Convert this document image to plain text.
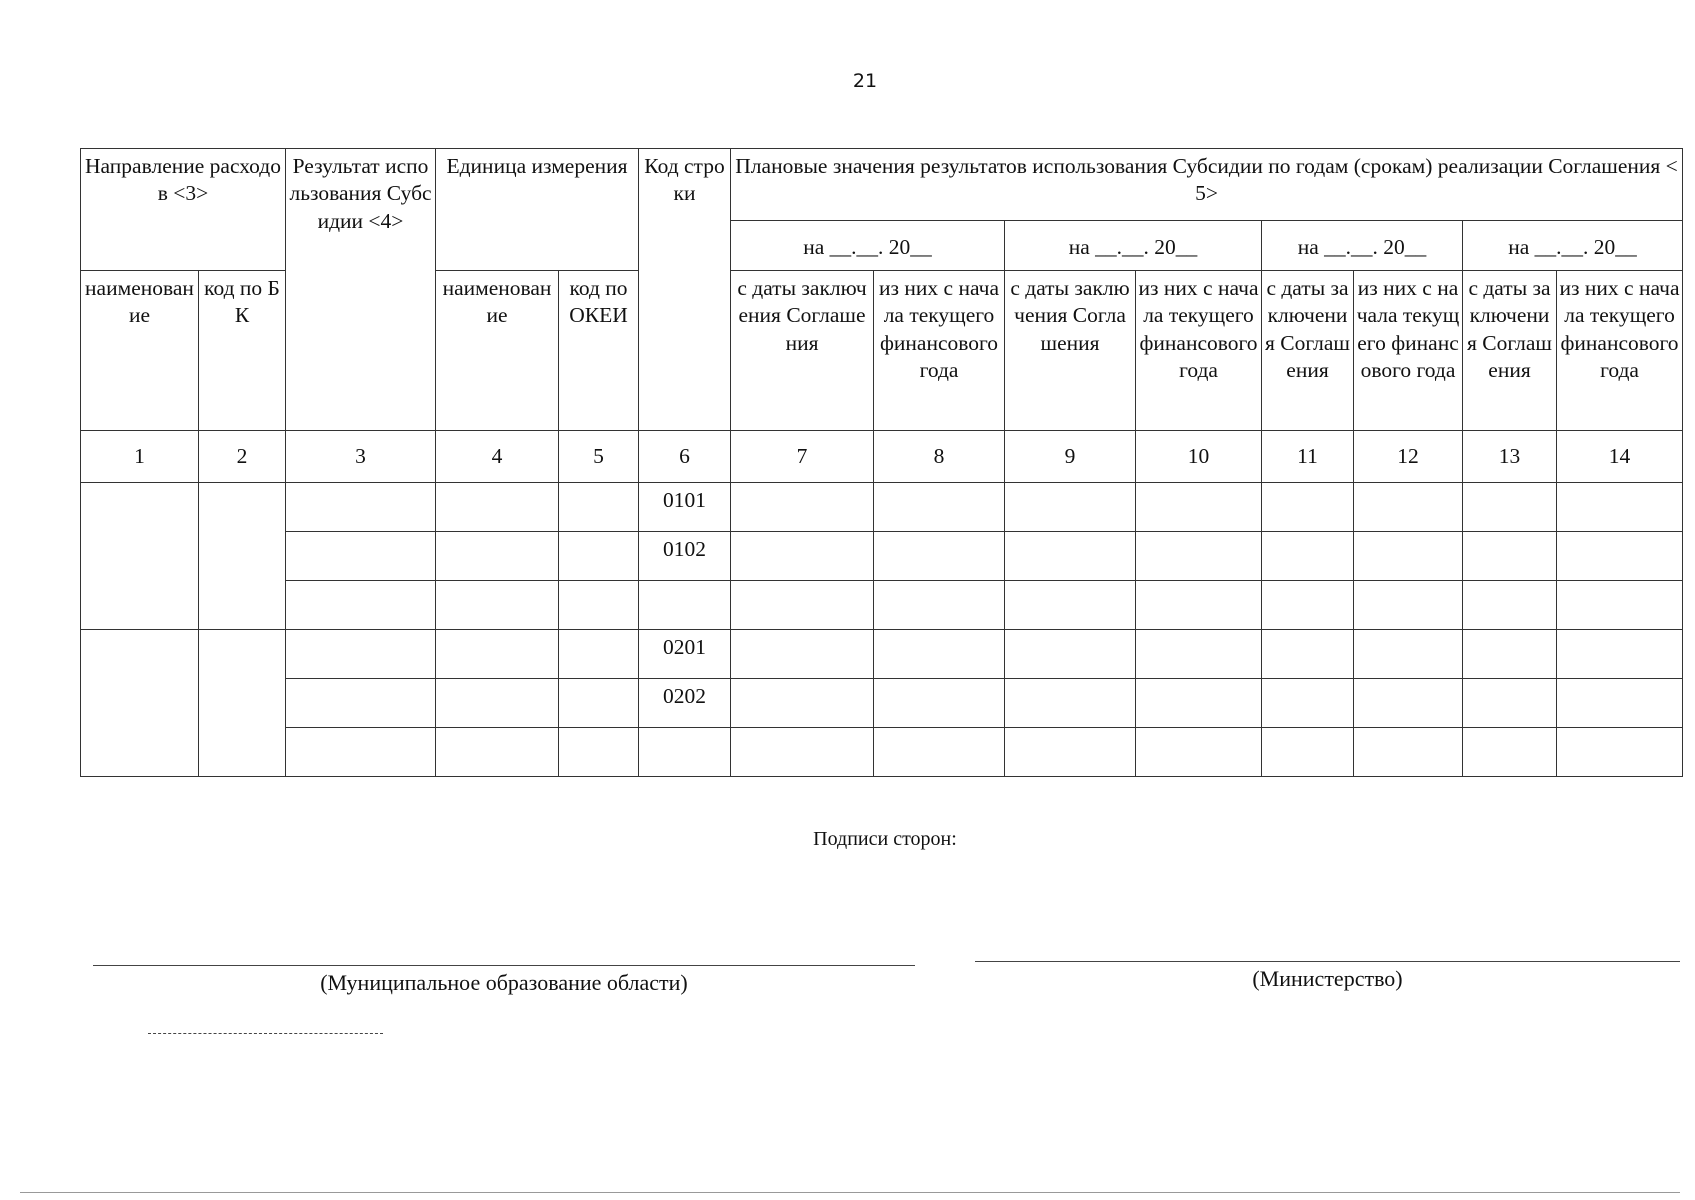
21
Направление расходов <3>		Результат использования Субсидии <4>	Единица измерения		Код строки	Плановые значения результатов использования Субсидии по годам (срокам) реализации Соглашения <5>							
						на __.__. 20__		на __.__. 20__		на __.__. 20__		на __.__. 20__	
наименование	код по БК		наименование	код по ОКЕИ		с даты заключения Соглашения	из них с начала текущего финансового года	с даты заключения Соглашения	из них с начала текущего финансового года	с даты заключения Соглашения	из них с начала текущего финансового года	с даты заключения Соглашения	из них с начала текущего финансового года
1	2	3	4	5	6	7	8	9	10	11	12	13	14
					0101								
					0102								

					0201								
					0202								

Подписи сторон:
(Муниципальное образование области)	(Министерство)
